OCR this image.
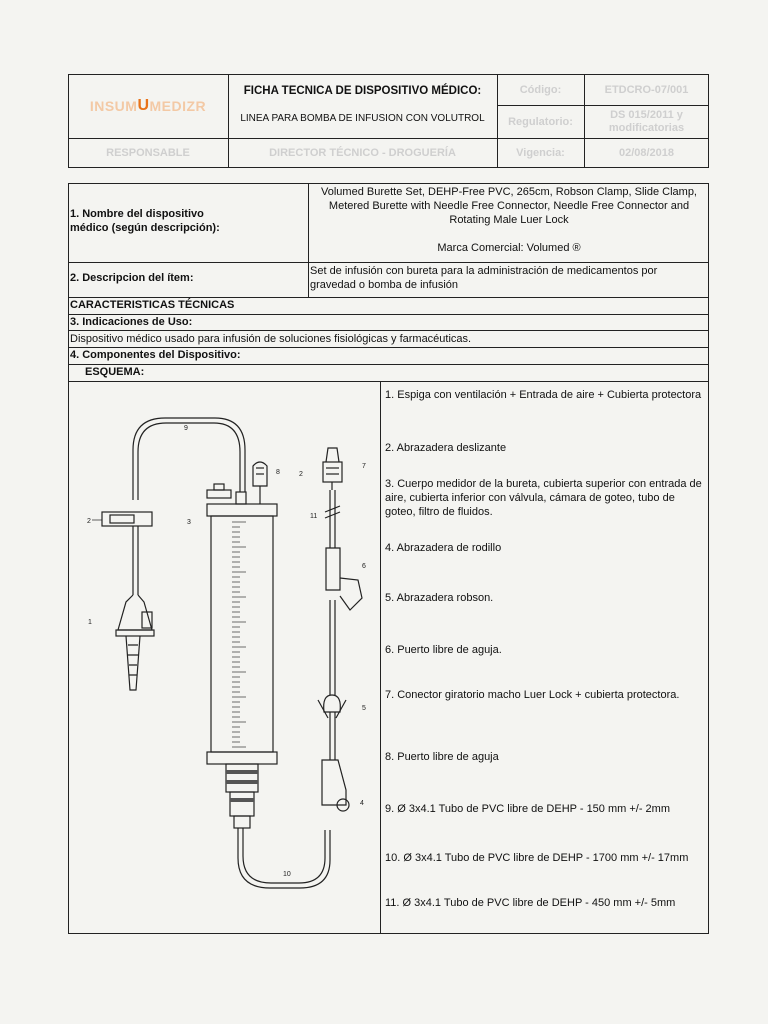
INSUM U MEDIZR
FICHA TECNICA DE DISPOSITIVO MÉDICO:
LINEA PARA BOMBA DE INFUSION CON VOLUTROL
Código:	ETDCRO-07/001
Regulatorio:
DS 015/2011 y modificatorias
RESPONSABLE	DIRECTOR TÉCNICO - DROGUERÍA	Vigencia:	02/08/2018
1. Nombre del dispositivo médico (según descripción):
Volumed Burette Set, DEHP-Free PVC, 265cm, Robson Clamp, Slide Clamp, Metered Burette with Needle Free Connector, Needle Free Connector and Rotating Male Luer Lock
Marca Comercial: Volumed ®
2. Descripcion del ítem:
Set de infusión con bureta para la administración de medicamentos por gravedad o bomba de infusión
CARACTERISTICAS TÉCNICAS
3. Indicaciones de Uso:
Dispositivo médico usado para infusión de soluciones fisiológicas y farmacéuticas.
4. Componentes del Dispositivo:
ESQUEMA:
1. Espiga con ventilación + Entrada de aire + Cubierta protectora
2. Abrazadera deslizante
3. Cuerpo medidor de la bureta, cubierta superior con entrada de aire, cubierta inferior con válvula, cámara de goteo, tubo de goteo, filtro de fluidos.
4. Abrazadera de rodillo
5. Abrazadera robson.
6. Puerto libre de aguja.
7. Conector giratorio macho Luer Lock + cubierta protectora.
8. Puerto libre de aguja
9. Ø 3x4.1 Tubo de PVC libre de DEHP - 150 mm +/- 2mm
10. Ø 3x4.1 Tubo de PVC libre de DEHP - 1700 mm +/- 17mm
11. Ø 3x4.1 Tubo de PVC libre de DEHP - 450 mm +/- 5mm
1
2	3
4
5
6
7
8
9
10
11
2
